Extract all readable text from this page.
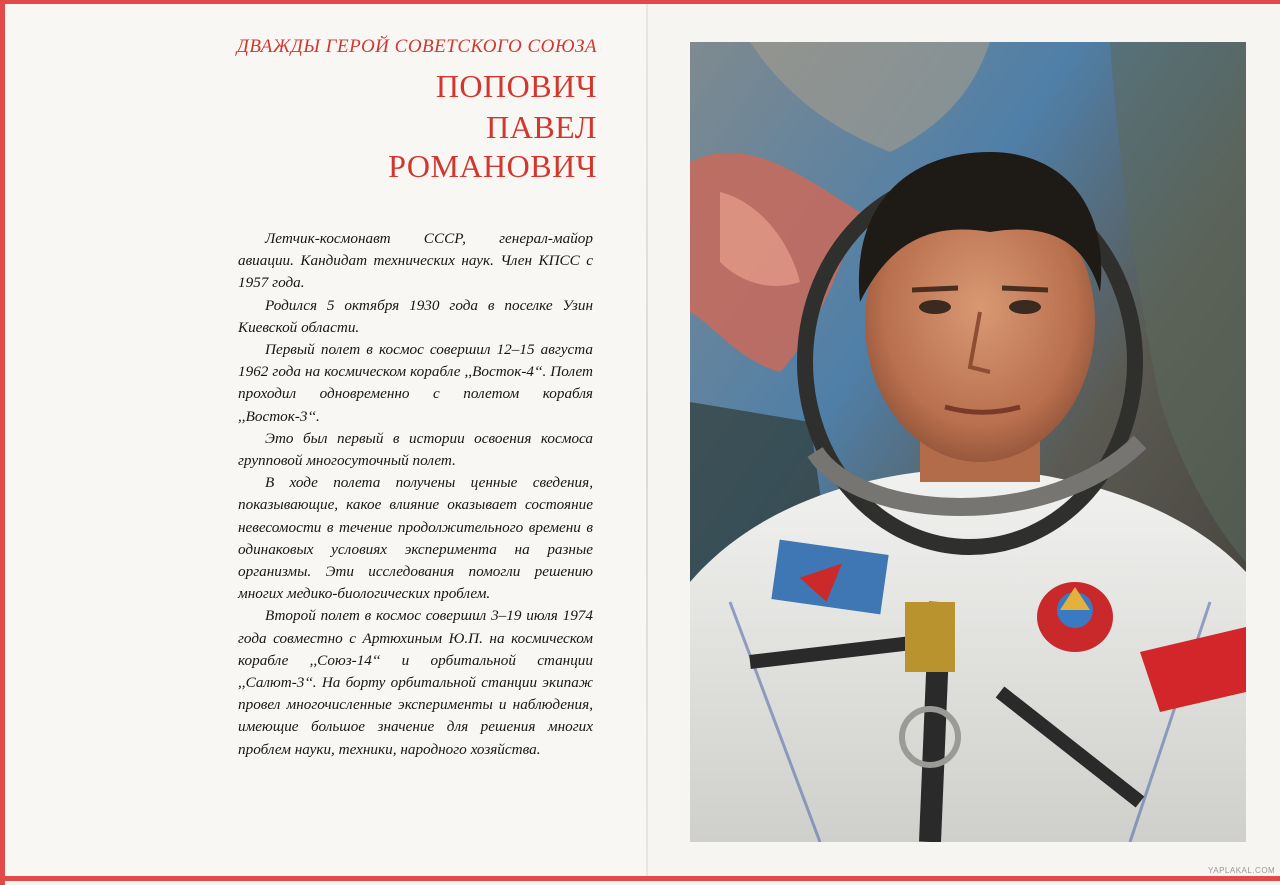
ДВАЖДЫ ГЕРОЙ СОВЕТСКОГО СОЮЗА
ПОПОВИЧ
ПАВЕЛ
РОМАНОВИЧ

Летчик-космонавт СССР, генерал-майор авиации. Кандидат технических наук. Член КПСС с 1957 года.

Родился 5 октября 1930 года в поселке Узин Киевской области.

Первый полет в космос совершил 12–15 августа 1962 года на космическом корабле ,,Восток-4‘‘. Полет проходил одновременно с полетом корабля ,,Восток-3‘‘.

Это был первый в истории освоения космоса групповой многосуточный полет.

В ходе полета получены ценные сведения, показывающие, какое влияние оказывает состояние невесомости в течение продолжительного времени в одинаковых условиях эксперимента на разные организмы. Эти исследования помогли решению многих медико-биологических проблем.

Второй полет в космос совершил 3–19 июля 1974 года совместно с Артюхиным Ю.П. на космическом корабле ,,Союз-14‘‘ и орбитальной станции ,,Салют-3‘‘. На борту орбитальной станции экипаж провел многочисленные эксперименты и наблюдения, имеющие большое значение для решения многих проблем науки, техники, народного хозяйства.

YAPLAKAL.COM
